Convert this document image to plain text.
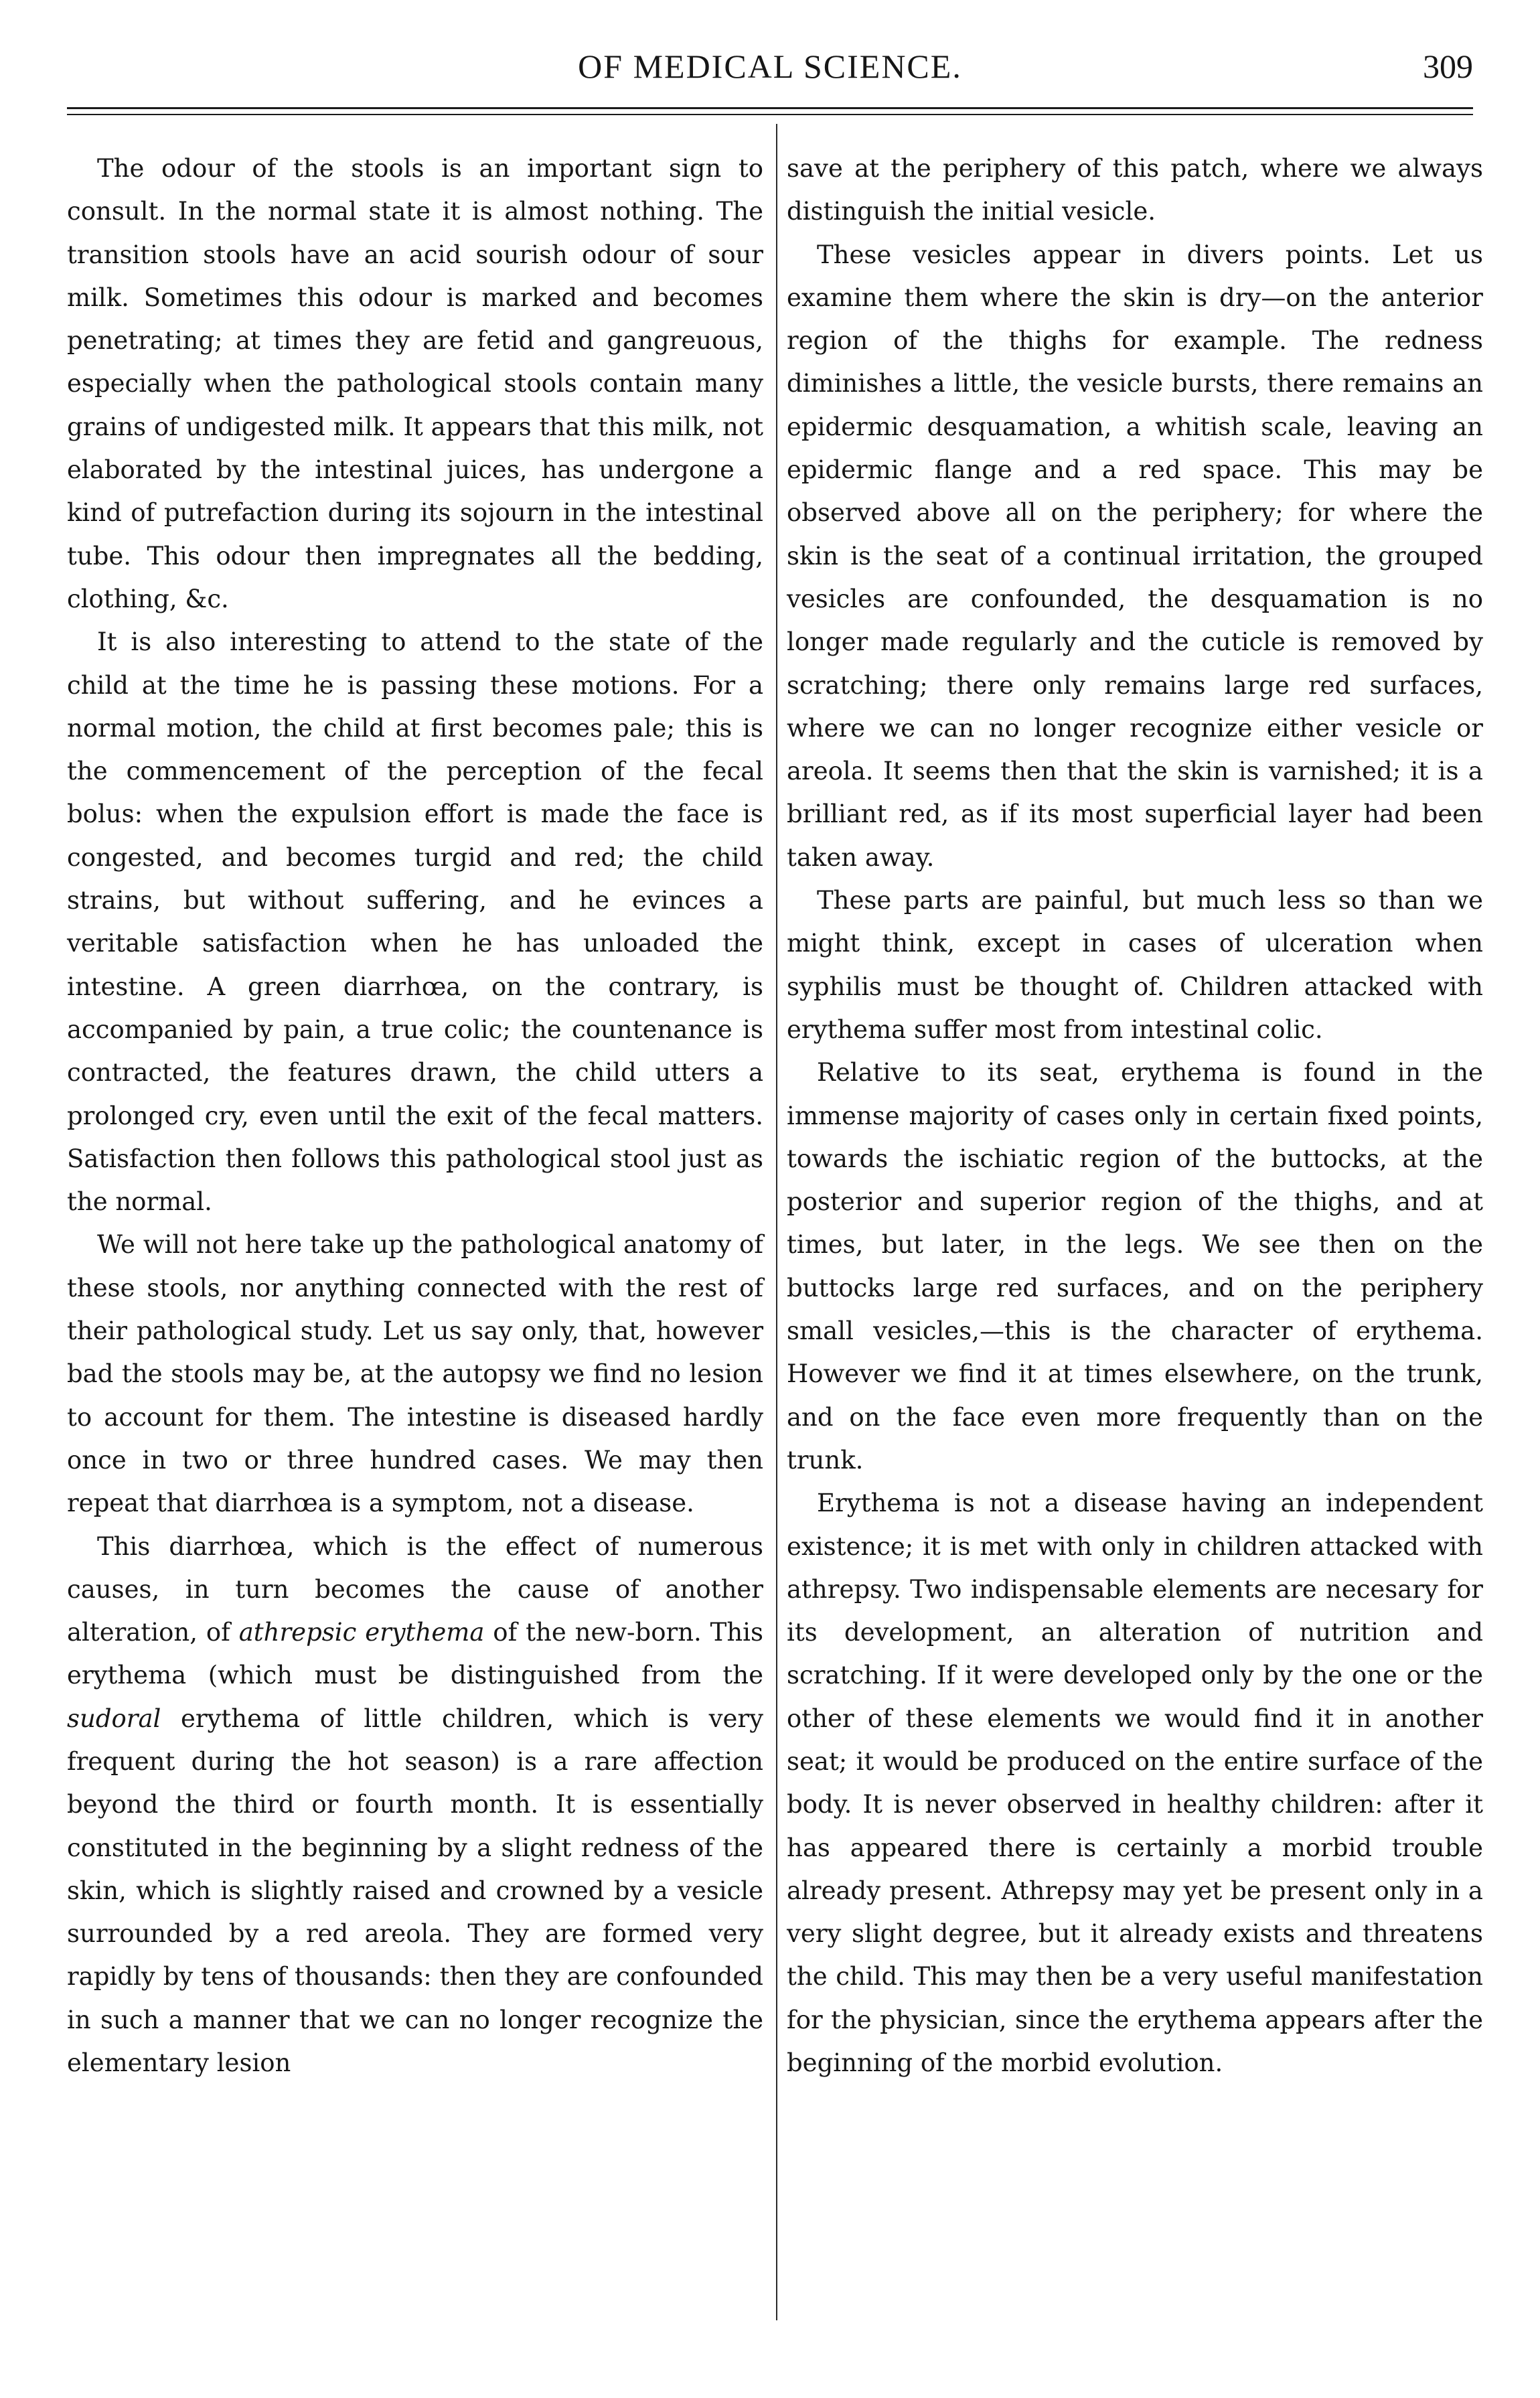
OF MEDICAL SCIENCE.	309

The odour of the stools is an important sign to consult. In the normal state it is almost nothing. The transition stools have an acid sourish odour of sour milk. Sometimes this odour is marked and becomes penetrating; at times they are fetid and gangreuous, especially when the pathological stools contain many grains of undigested milk. It appears that this milk, not elaborated by the intestinal juices, has undergone a kind of putrefaction during its sojourn in the intestinal tube. This odour then impregnates all the bedding, clothing, &c.

It is also interesting to attend to the state of the child at the time he is passing these motions. For a normal motion, the child at first becomes pale; this is the commencement of the perception of the fecal bolus: when the expulsion effort is made the face is congested, and becomes turgid and red; the child strains, but without suffering, and he evinces a veritable satisfaction when he has unloaded the intestine. A green diarrhœa, on the contrary, is accompanied by pain, a true colic; the countenance is contracted, the features drawn, the child utters a prolonged cry, even until the exit of the fecal matters. Satisfaction then follows this pathological stool just as the normal.

We will not here take up the pathological anatomy of these stools, nor anything connected with the rest of their pathological study. Let us say only, that, however bad the stools may be, at the autopsy we find no lesion to account for them. The intestine is diseased hardly once in two or three hundred cases. We may then repeat that diarrhœa is a symptom, not a disease.

This diarrhœa, which is the effect of numerous causes, in turn becomes the cause of another alteration, of athrepsic erythema of the new-born. This erythema (which must be distinguished from the sudoral erythema of little children, which is very frequent during the hot season) is a rare affection beyond the third or fourth month. It is essentially constituted in the beginning by a slight redness of the skin, which is slightly raised and crowned by a vesicle surrounded by a red areola. They are formed very rapidly by tens of thousands: then they are confounded in such a manner that we can no longer recognize the elementary lesion

save at the periphery of this patch, where we always distinguish the initial vesicle.

These vesicles appear in divers points. Let us examine them where the skin is dry—on the anterior region of the thighs for example. The redness diminishes a little, the vesicle bursts, there remains an epidermic desquamation, a whitish scale, leaving an epidermic flange and a red space. This may be observed above all on the periphery; for where the skin is the seat of a continual irritation, the grouped vesicles are confounded, the desquamation is no longer made regularly and the cuticle is removed by scratching; there only remains large red surfaces, where we can no longer recognize either vesicle or areola. It seems then that the skin is varnished; it is a brilliant red, as if its most superficial layer had been taken away.

These parts are painful, but much less so than we might think, except in cases of ulceration when syphilis must be thought of. Children attacked with erythema suffer most from intestinal colic.

Relative to its seat, erythema is found in the immense majority of cases only in certain fixed points, towards the ischiatic region of the buttocks, at the posterior and superior region of the thighs, and at times, but later, in the legs. We see then on the buttocks large red surfaces, and on the periphery small vesicles,—this is the character of erythema. However we find it at times elsewhere, on the trunk, and on the face even more frequently than on the trunk.

Erythema is not a disease having an independent existence; it is met with only in children attacked with athrepsy. Two indispensable elements are necesary for its development, an alteration of nutrition and scratching. If it were developed only by the one or the other of these elements we would find it in another seat; it would be produced on the entire surface of the body. It is never observed in healthy children: after it has appeared there is certainly a morbid trouble already present. Athrepsy may yet be present only in a very slight degree, but it already exists and threatens the child. This may then be a very useful manifestation for the physician, since the erythema appears after the beginning of the morbid evolution.
